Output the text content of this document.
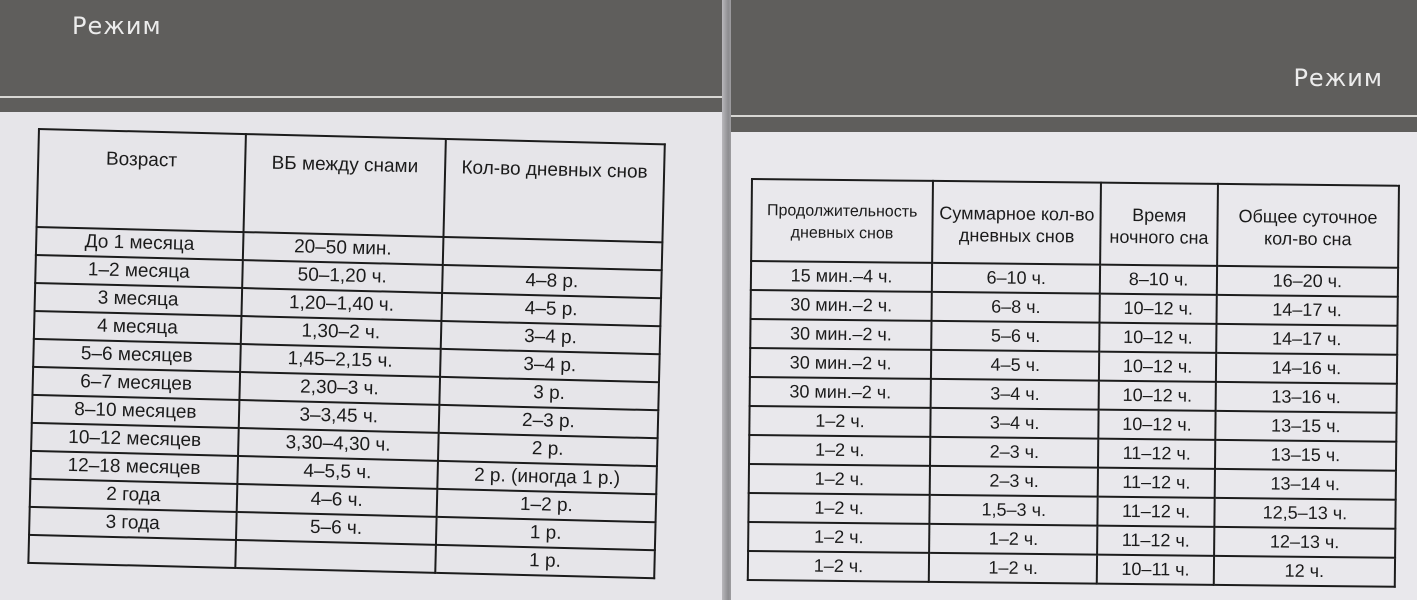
Режим
Возраст	ВБ между снами	Кол-во дневных снов
До 1 месяца	20–50 мин.	
1–2 месяца	50–1,20 ч.	4–8 р.
3 месяца	1,20–1,40 ч.	4–5 р.
4 месяца	1,30–2 ч.	3–4 р.
5–6 месяцев	1,45–2,15 ч.	3–4 р.
6–7 месяцев	2,30–3 ч.	3 р.
8–10 месяцев	3–3,45 ч.	2–3 р.
10–12 месяцев	3,30–4,30 ч.	2 р.
12–18 месяцев	4–5,5 ч.	2 р. (иногда 1 р.)
2 года	4–6 ч.	1–2 р.
3 года	5–6 ч.	1 р.
		1 р.
Режим
Продолжительность дневных снов	Суммарное кол-во дневных снов	Время ночного сна	Общее суточное кол-во сна
15 мин.–4 ч.	6–10 ч.	8–10 ч.	16–20 ч.
30 мин.–2 ч.	6–8 ч.	10–12 ч.	14–17 ч.
30 мин.–2 ч.	5–6 ч.	10–12 ч.	14–17 ч.
30 мин.–2 ч.	4–5 ч.	10–12 ч.	14–16 ч.
30 мин.–2 ч.	3–4 ч.	10–12 ч.	13–16 ч.
1–2 ч.	3–4 ч.	10–12 ч.	13–15 ч.
1–2 ч.	2–3 ч.	11–12 ч.	13–15 ч.
1–2 ч.	2–3 ч.	11–12 ч.	13–14 ч.
1–2 ч.	1,5–3 ч.	11–12 ч.	12,5–13 ч.
1–2 ч.	1–2 ч.	11–12 ч.	12–13 ч.
1–2 ч.	1–2 ч.	10–11 ч.	12 ч.
